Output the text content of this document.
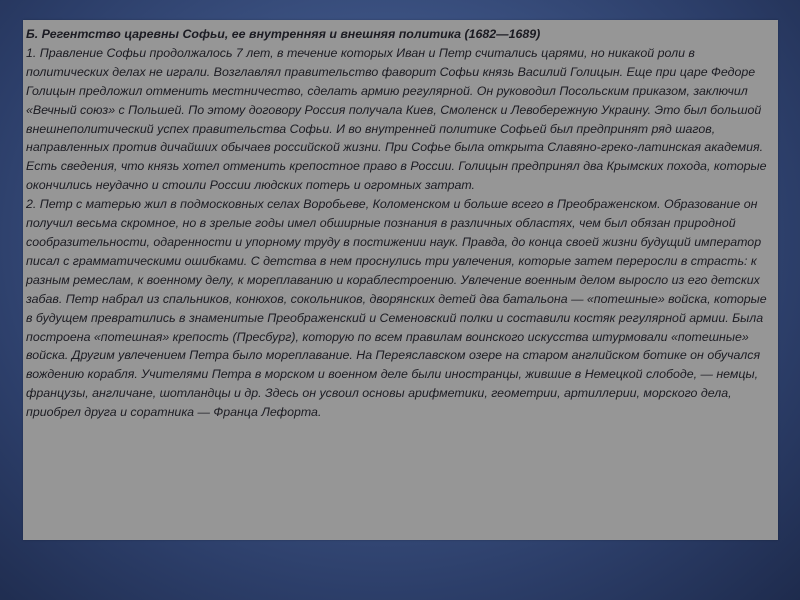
Б. Регентство царевны Софьи, ее внутренняя и внешняя политика (1682—1689)

1. Правление Софьи продолжалось 7 лет, в течение которых Иван и Петр считались царями, но никакой роли в политических делах не играли. Возглавлял правительство фаворит Софьи князь Василий Голицын. Еще при царе Федоре Голицын предложил отменить местничество, сделать армию регулярной. Он руководил Посольским приказом, заключил «Вечный союз» с Польшей. По этому договору Россия получала Киев, Смоленск и Левобережную Украину. Это был большой внешнеполитический успех правительства Софьи. И во внутренней политике Софьей был предпринят ряд шагов, направленных против дичайших обычаев российской жизни. При Софье была открыта Славяно-греко-латинская академия. Есть сведения, что князь хотел отменить крепостное право в России. Голицын предпринял два Крымских похода, которые окончились неудачно и стоили России людских потерь и огромных затрат.

2. Петр с матерью жил в подмосковных селах Воробьеве, Коломенском и больше всего в Преображенском. Образование он получил весьма скромное, но в зрелые годы имел обширные познания в различных областях, чем был обязан природной сообразительности, одаренности и упорному труду в постижении наук. Правда, до конца своей жизни будущий император писал с грамматическими ошибками. С детства в нем проснулись три увлечения, которые затем переросли в страсть: к разным ремеслам, к военному делу, к мореплаванию и кораблестроению. Увлечение военным делом выросло из его детских забав. Петр набрал из спальников, конюхов, сокольников, дворянских детей два батальона — «потешные» войска, которые в будущем превратились в знаменитые Преображенский и Семеновский полки и составили костяк регулярной армии. Была построена «потешная» крепость (Пресбург), которую по всем правилам воинского искусства штурмовали «потешные» войска. Другим увлечением Петра было мореплавание. На Переяславском озере на старом английском ботике он обучался вождению корабля. Учителями Петра в морском и военном деле были иностранцы, жившие в Немецкой слободе, — немцы, французы, англичане, шотландцы и др. Здесь он усвоил основы арифметики, геометрии, артиллерии, морского дела, приобрел друга и соратника — Франца Лефорта.
